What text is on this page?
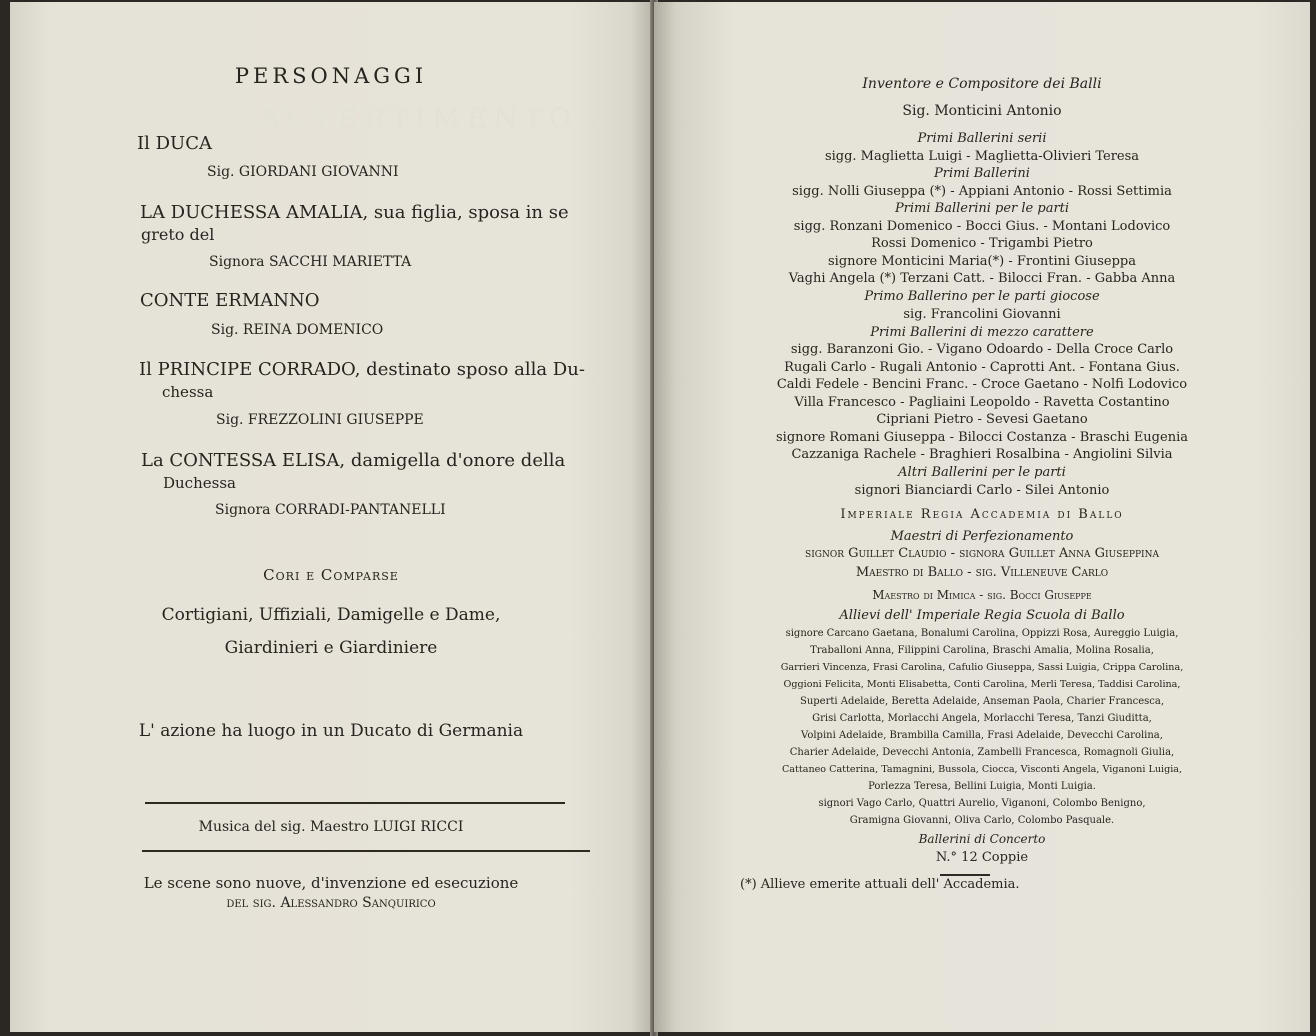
AVVERTIMENTO
PERSONAGGI
Il DUCA
Sig. GIORDANI GIOVANNI
LA DUCHESSA AMALIA, sua figlia, sposa in se
greto del
Signora SACCHI MARIETTA
CONTE ERMANNO
Sig. REINA DOMENICO
Il PRINCIPE CORRADO, destinato sposo alla Du-
chessa
Sig. FREZZOLINI GIUSEPPE
La CONTESSA ELISA, damigella d'onore della
Duchessa
Signora CORRADI-PANTANELLI
Cori e Comparse
Cortigiani, Uffiziali, Damigelle e Dame,
Giardinieri e Giardiniere
L' azione ha luogo in un Ducato di Germania
Musica del sig. Maestro LUIGI RICCI
Le scene sono nuove, d'invenzione ed esecuzione
del sig. Alessandro Sanquirico
Inventore e Compositore dei Balli
Sig. Monticini Antonio
Primi Ballerini serii
sigg. Maglietta Luigi - Maglietta-Olivieri Teresa
Primi Ballerini
sigg. Nolli Giuseppa (*) - Appiani Antonio - Rossi Settimia
Primi Ballerini per le parti
sigg. Ronzani Domenico - Bocci Gius. - Montani Lodovico
Rossi Domenico - Trigambi Pietro
signore Monticini Maria(*) - Frontini Giuseppa
Vaghi Angela (*) Terzani Catt. - Bilocci Fran. - Gabba Anna
Primo Ballerino per le parti giocose
sig. Francolini Giovanni
Primi Ballerini di mezzo carattere
sigg. Baranzoni Gio. - Vigano Odoardo - Della Croce Carlo
Rugali Carlo - Rugali Antonio - Caprotti Ant. - Fontana Gius.
Caldi Fedele - Bencini Franc. - Croce Gaetano - Nolfi Lodovico
Villa Francesco - Pagliaini Leopoldo - Ravetta Costantino
Cipriani Pietro - Sevesi Gaetano
signore Romani Giuseppa - Bilocci Costanza - Braschi Eugenia
Cazzaniga Rachele - Braghieri Rosalbina - Angiolini Silvia
Altri Ballerini per le parti
signori Bianciardi Carlo - Silei Antonio
Imperiale Regia Accademia di Ballo
Maestri di Perfezionamento
signor Guillet Claudio - signora Guillet Anna Giuseppina
Maestro di Ballo - sig. Villeneuve Carlo
Maestro di Mimica - sig. Bocci Giuseppe
Allievi dell' Imperiale Regia Scuola di Ballo
signore Carcano Gaetana, Bonalumi Carolina, Oppizzi Rosa, Aureggio Luigia,
Traballoni Anna, Filippini Carolina, Braschi Amalia, Molina Rosalia,
Garrieri Vincenza, Frasi Carolina, Cafulio Giuseppa, Sassi Luigia, Crippa Carolina,
Oggioni Felicita, Monti Elisabetta, Conti Carolina, Merli Teresa, Taddisi Carolina,
Superti Adelaide, Beretta Adelaide, Anseman Paola, Charier Francesca,
Grisi Carlotta, Morlacchi Angela, Morlacchi Teresa, Tanzi Giuditta,
Volpini Adelaide, Brambilla Camilla, Frasi Adelaide, Devecchi Carolina,
Charier Adelaide, Devecchi Antonia, Zambelli Francesca, Romagnoli Giulia,
Cattaneo Catterina, Tamagnini, Bussola, Ciocca, Visconti Angela, Viganoni Luigia,
Porlezza Teresa, Bellini Luigia, Monti Luigia.
signori Vago Carlo, Quattri Aurelio, Viganoni, Colombo Benigno,
Gramigna Giovanni, Oliva Carlo, Colombo Pasquale.
Ballerini di Concerto
N.° 12 Coppie
(*) Allieve emerite attuali dell' Accademia.
